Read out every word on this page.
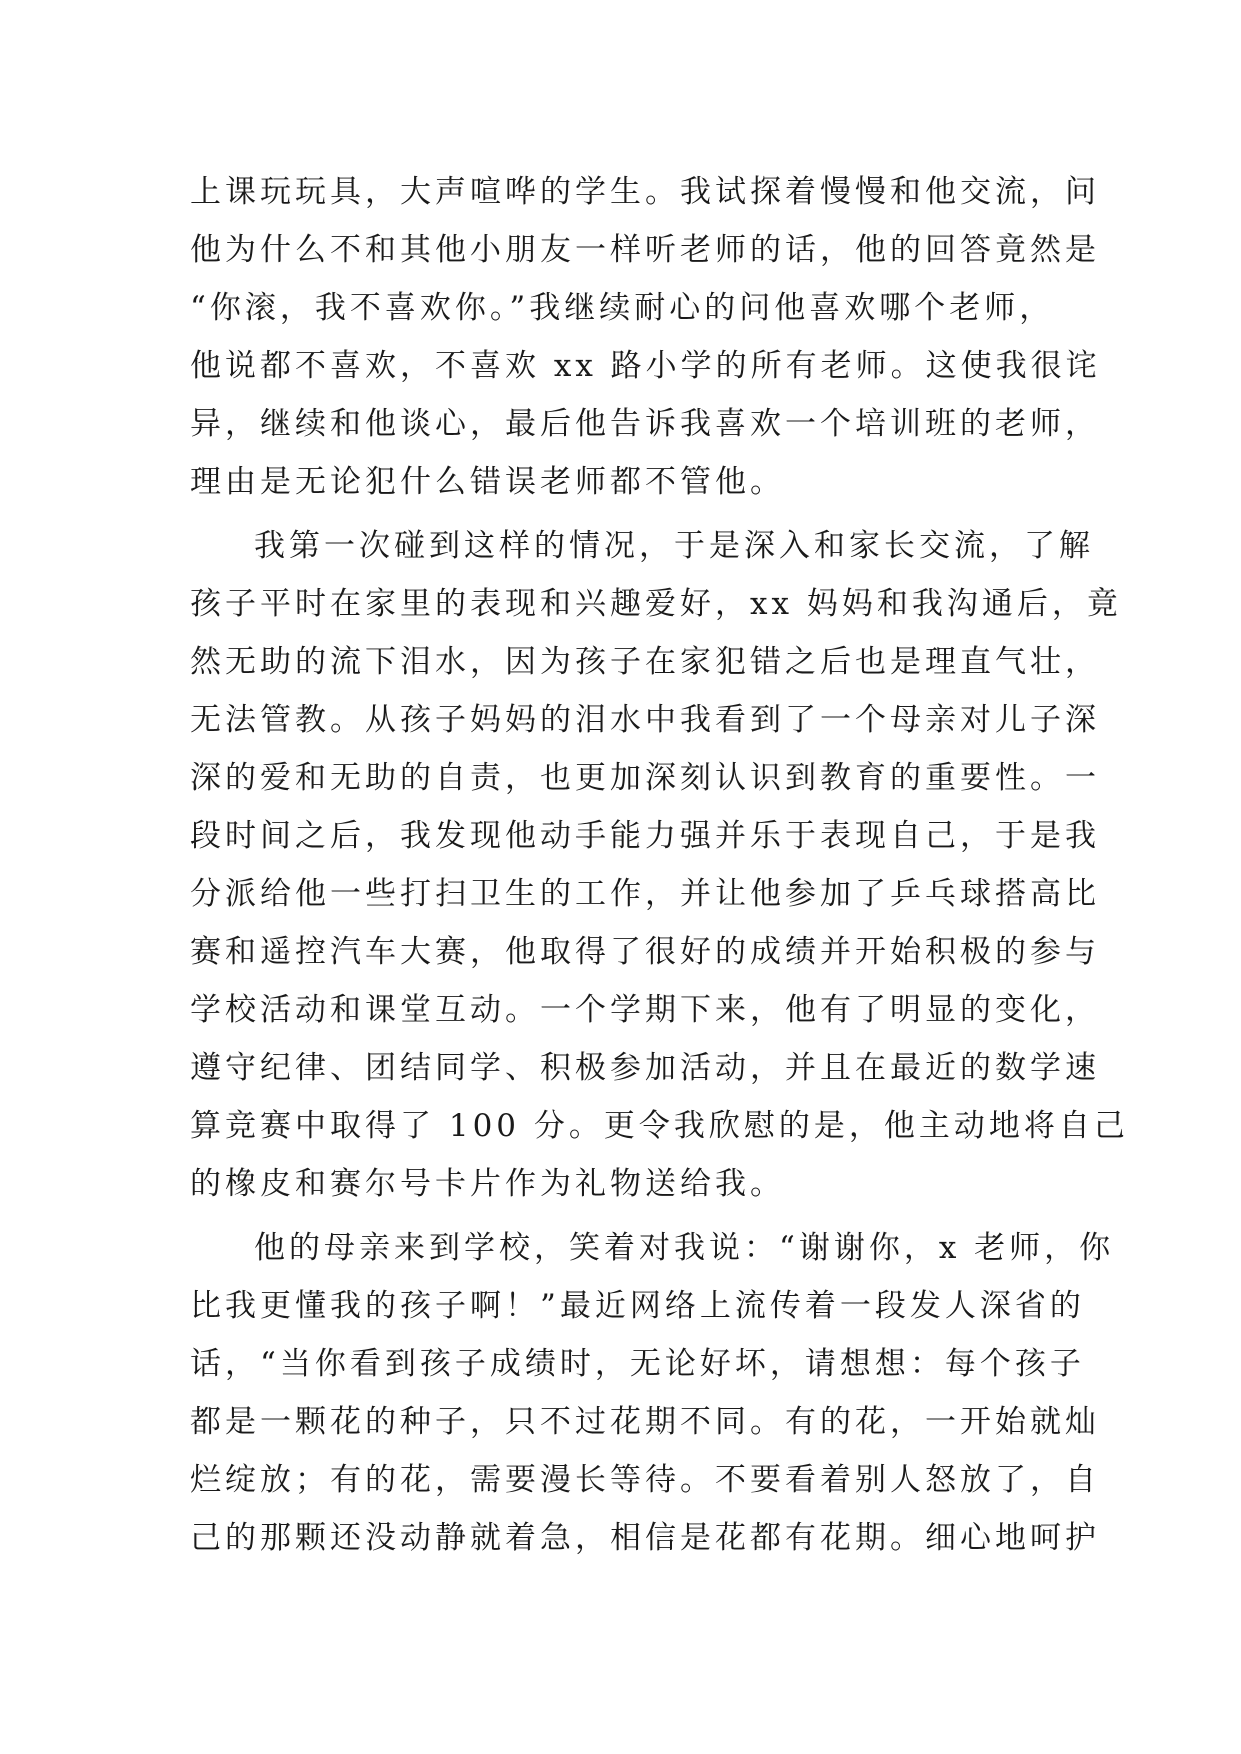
上课玩玩具，大声喧哗的学生。我试探着慢慢和他交流，问
他为什么不和其他小朋友一样听老师的话，他的回答竟然是
“你滚，我不喜欢你。”我继续耐心的问他喜欢哪个老师，
他说都不喜欢，不喜欢 xx 路小学的所有老师。这使我很诧
异，继续和他谈心，最后他告诉我喜欢一个培训班的老师，
理由是无论犯什么错误老师都不管他。
我第一次碰到这样的情况，于是深入和家长交流，了解
孩子平时在家里的表现和兴趣爱好，xx 妈妈和我沟通后，竟
然无助的流下泪水，因为孩子在家犯错之后也是理直气壮，
无法管教。从孩子妈妈的泪水中我看到了一个母亲对儿子深
深的爱和无助的自责，也更加深刻认识到教育的重要性。一
段时间之后，我发现他动手能力强并乐于表现自己，于是我
分派给他一些打扫卫生的工作，并让他参加了乒乓球搭高比
赛和遥控汽车大赛，他取得了很好的成绩并开始积极的参与
学校活动和课堂互动。一个学期下来，他有了明显的变化，
遵守纪律、团结同学、积极参加活动，并且在最近的数学速
算竞赛中取得了 100 分。更令我欣慰的是，他主动地将自己
的橡皮和赛尔号卡片作为礼物送给我。
他的母亲来到学校，笑着对我说：“谢谢你，x 老师，你
比我更懂我的孩子啊！”最近网络上流传着一段发人深省的
话，“当你看到孩子成绩时，无论好坏，请想想：每个孩子
都是一颗花的种子，只不过花期不同。有的花，一开始就灿
烂绽放；有的花，需要漫长等待。不要看着别人怒放了，自
己的那颗还没动静就着急，相信是花都有花期。细心地呵护
